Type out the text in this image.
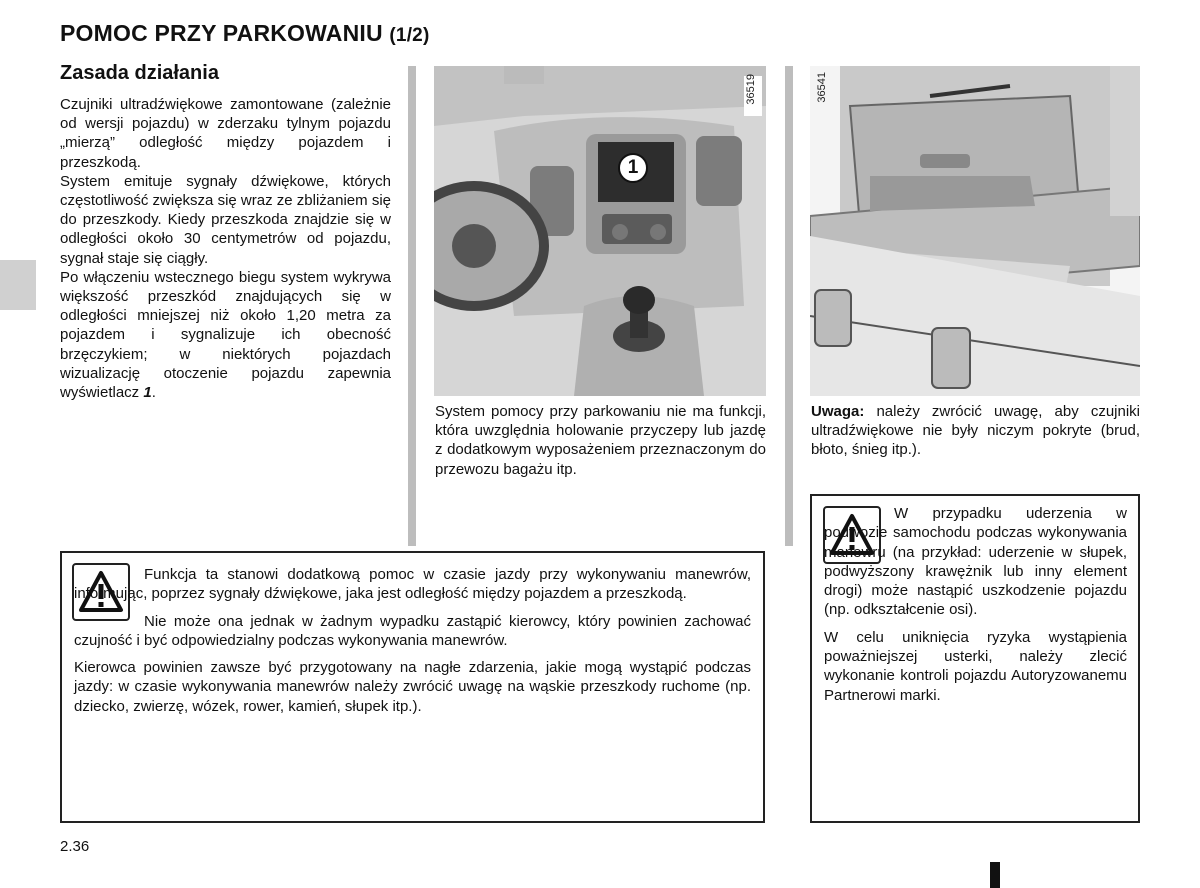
POMOC PRZY PARKOWANIU (1/2)
Zasada działania

Czujniki ultradźwiękowe zamontowane (zależnie od wersji pojazdu) w zderzaku tylnym pojazdu „mierzą” odległość między pojazdem i przeszkodą.

System emituje sygnały dźwiękowe, których częstotliwość zwiększa się wraz ze zbliżaniem się do przeszkody. Kiedy przeszkoda znajdzie się w odległości około 30 centymetrów od pojazdu, sygnał staje się ciągły.

Po włączeniu wstecznego biegu system wykrywa większość przeszkód znajdujących się w odległości mniejszej niż około 1,20 metra za pojazdem i sygnalizuje ich obecność brzęczykiem; w niektórych pojazdach wizualizację otoczenie pojazdu zapewnia wyświetlacz 1.

36519
1
36541

System pomocy przy parkowaniu nie ma funkcji, która uwzględnia holowanie przyczepy lub jazdę z dodatkowym wyposażeniem przeznaczonym do przewozu bagażu itp.

Uwaga: należy zwrócić uwagę, aby czujniki ultradźwiękowe nie były niczym pokryte (brud, błoto, śnieg itp.).

Funkcja ta stanowi dodatkową pomoc w czasie jazdy przy wykonywaniu manewrów, informując, poprzez sygnały dźwiękowe, jaka jest odległość między pojazdem a przeszkodą.

Nie może ona jednak w żadnym wypadku zastąpić kierowcy, który powinien zachować czujność i być odpowiedzialny podczas wykonywania manewrów.

Kierowca powinien zawsze być przygotowany na nagłe zdarzenia, jakie mogą wystąpić podczas jazdy: w czasie wykonywania manewrów należy zwrócić uwagę na wąskie przeszkody ruchome (np. dziecko, zwierzę, wózek, rower, kamień, słupek itp.).

W przypadku uderzenia w podwozie samochodu podczas wykonywania manewru (na przykład: uderzenie w słupek, podwyższony krawężnik lub inny element drogi) może nastąpić uszkodzenie pojazdu (np. odkształcenie osi).

W celu uniknięcia ryzyka wystąpienia poważniejszej usterki, należy zlecić wykonanie kontroli pojazdu Autoryzowanemu Partnerowi marki.

2.36
